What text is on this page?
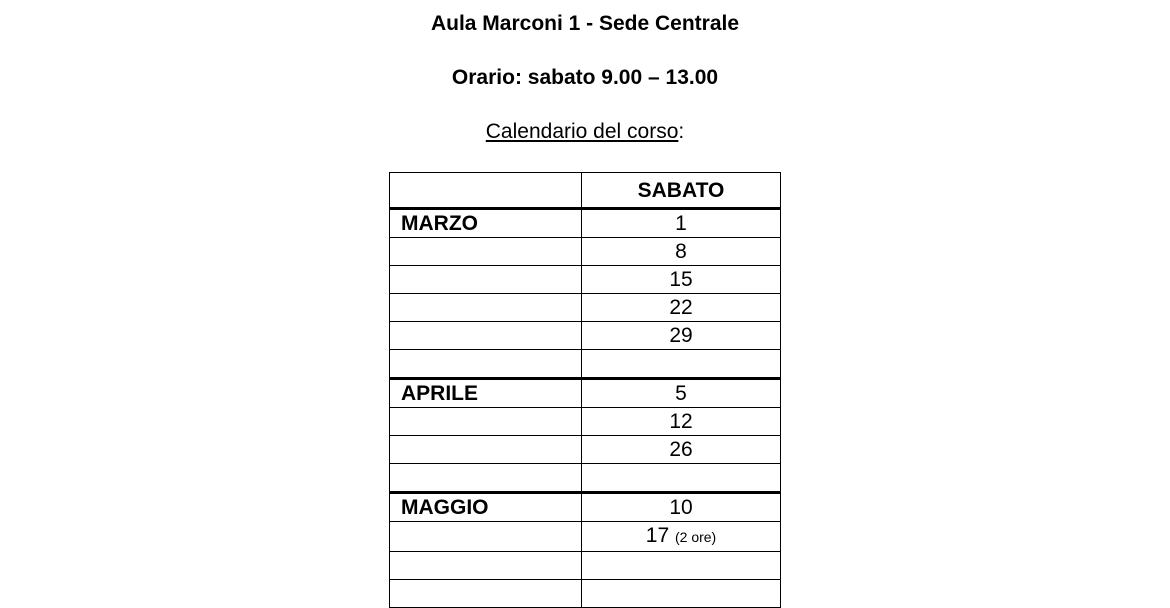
Aula Marconi 1 - Sede Centrale
Orario: sabato 9.00 – 13.00
Calendario del corso:
	SABATO
MARZO	1
	8
	15
	22
	29

APRILE	5
	12
	26

MAGGIO	10
	17 (2 ore)
